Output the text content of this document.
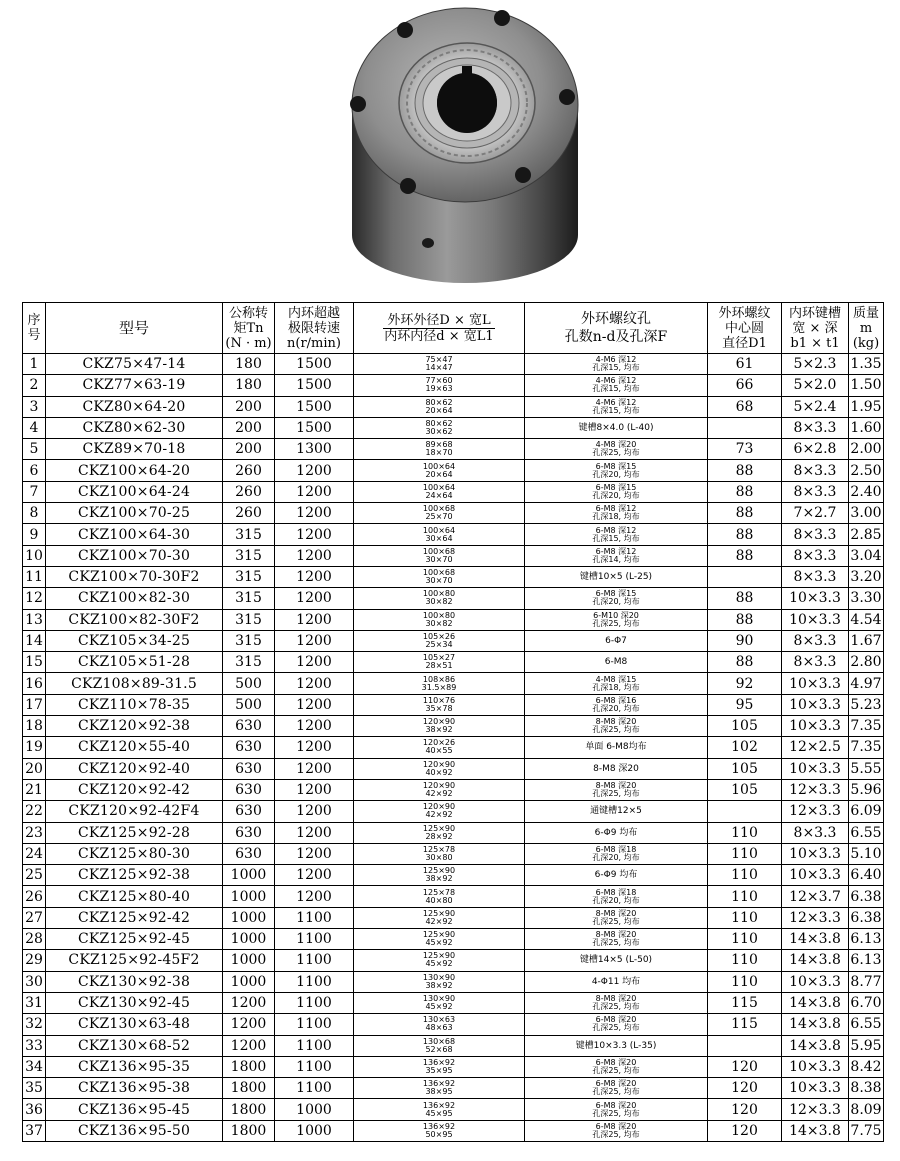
序
号	型号	公称转
矩Tn
(N · m)	内环超越
极限转速
n(r/min)	外环外径D × 宽L
内环内径d × 宽L1	外环螺纹孔
孔数n-d及孔深F	外环螺纹
中心圆
直径D1	内环键槽
宽 × 深
b1 × t1	质量
m
(kg)

1	CKZ75×47-14	180	1500	75×47
14×47	4-M6 深12
孔深15, 均布	61	5×2.3	1.35
2	CKZ77×63-19	180	1500	77×60
19×63	4-M6 深12
孔深15, 均布	66	5×2.0	1.50
3	CKZ80×64-20	200	1500	80×62
20×64	4-M6 深12
孔深15, 均布	68	5×2.4	1.95
4	CKZ80×62-30	200	1500	80×62
30×62	键槽8×4.0 (L-40)		8×3.3	1.60
5	CKZ89×70-18	200	1300	89×68
18×70	4-M8 深20
孔深25, 均布	73	6×2.8	2.00
6	CKZ100×64-20	260	1200	100×64
20×64	6-M8 深15
孔深20, 均布	88	8×3.3	2.50
7	CKZ100×64-24	260	1200	100×64
24×64	6-M8 深15
孔深20, 均布	88	8×3.3	2.40
8	CKZ100×70-25	260	1200	100×68
25×70	6-M8 深12
孔深18, 均布	88	7×2.7	3.00
9	CKZ100×64-30	315	1200	100×64
30×64	6-M8 深12
孔深15, 均布	88	8×3.3	2.85
10	CKZ100×70-30	315	1200	100×68
30×70	6-M8 深12
孔深14, 均布	88	8×3.3	3.04
11	CKZ100×70-30F2	315	1200	100×68
30×70	键槽10×5 (L-25)		8×3.3	3.20
12	CKZ100×82-30	315	1200	100×80
30×82	6-M8 深15
孔深20, 均布	88	10×3.3	3.30
13	CKZ100×82-30F2	315	1200	100×80
30×82	6-M10 深20
孔深25, 均布	88	10×3.3	4.54
14	CKZ105×34-25	315	1200	105×26
25×34	6-Φ7	90	8×3.3	1.67
15	CKZ105×51-28	315	1200	105×27
28×51	6-M8	88	8×3.3	2.80
16	CKZ108×89-31.5	500	1200	108×86
31.5×89	4-M8 深15
孔深18, 均布	92	10×3.3	4.97
17	CKZ110×78-35	500	1200	110×76
35×78	6-M8 深16
孔深20, 均布	95	10×3.3	5.23
18	CKZ120×92-38	630	1200	120×90
38×92	8-M8 深20
孔深25, 均布	105	10×3.3	7.35
19	CKZ120×55-40	630	1200	120×26
40×55	单面 6-M8均布	102	12×2.5	7.35
20	CKZ120×92-40	630	1200	120×90
40×92	8-M8 深20	105	10×3.3	5.55
21	CKZ120×92-42	630	1200	120×90
42×92	8-M8 深20
孔深25, 均布	105	12×3.3	5.96
22	CKZ120×92-42F4	630	1200	120×90
42×92	通键槽12×5		12×3.3	6.09
23	CKZ125×92-28	630	1200	125×90
28×92	6-Φ9 均布	110	8×3.3	6.55
24	CKZ125×80-30	630	1200	125×78
30×80	6-M8 深18
孔深20, 均布	110	10×3.3	5.10
25	CKZ125×92-38	1000	1200	125×90
38×92	6-Φ9 均布	110	10×3.3	6.40
26	CKZ125×80-40	1000	1200	125×78
40×80	6-M8 深18
孔深20, 均布	110	12×3.7	6.38
27	CKZ125×92-42	1000	1100	125×90
42×92	8-M8 深20
孔深25, 均布	110	12×3.3	6.38
28	CKZ125×92-45	1000	1100	125×90
45×92	8-M8 深20
孔深25, 均布	110	14×3.8	6.13
29	CKZ125×92-45F2	1000	1100	125×90
45×92	键槽14×5 (L-50)	110	14×3.8	6.13
30	CKZ130×92-38	1000	1100	130×90
38×92	4-Φ11 均布	110	10×3.3	8.77
31	CKZ130×92-45	1200	1100	130×90
45×92	8-M8 深20
孔深25, 均布	115	14×3.8	6.70
32	CKZ130×63-48	1200	1100	130×63
48×63	6-M8 深20
孔深25, 均布	115	14×3.8	6.55
33	CKZ130×68-52	1200	1100	130×68
52×68	键槽10×3.3 (L-35)		14×3.8	5.95
34	CKZ136×95-35	1800	1100	136×92
35×95	6-M8 深20
孔深25, 均布	120	10×3.3	8.42
35	CKZ136×95-38	1800	1100	136×92
38×95	6-M8 深20
孔深25, 均布	120	10×3.3	8.38
36	CKZ136×95-45	1800	1000	136×92
45×95	6-M8 深20
孔深25, 均布	120	12×3.3	8.09
37	CKZ136×95-50	1800	1000	136×92
50×95	6-M8 深20
孔深25, 均布	120	14×3.8	7.75
